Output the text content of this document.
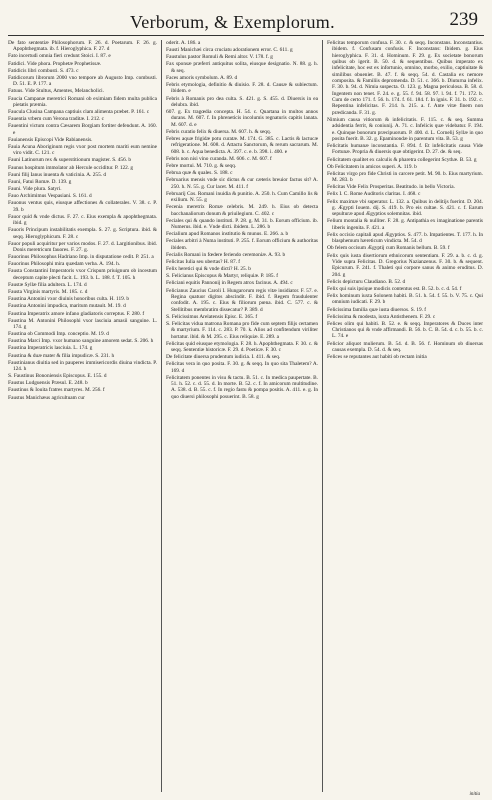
Verborum, & Exemplorum.	239

De fato sententiæ Philosophorum. F. 26. d. Poetarum. F. 26. g. Apophthegmata. ib. f. Hieroglyphica. F. 27. d

Fato incertudi omnia fieri credunt Stoici. I. 87. e

Fatidici. Vide phora. Prophetæ Prophetissæ.

Fatidicis libri combusti. S. 473. c

Fatidicorum librorum 2000 vno tempore ab Augusto Imp. combusti. D. 51. E. P. 177. a

Fatuus. Vide Stultus, Amentes, Melancholici.

Faucia Campanæ meretrici Romani ob eximiam fidem multa publica pietatis præmia.

Faucula Clusina Campana captiuis clam alimenta præbet. P. 161. c

Fauentia vrbem cum Verona traditæ. I. 212. c

Fauentini victum contra Cæsarem Borgiam fortiter defendunt. A. 160. e

Fauianensis Episcopi Vide Rabianensis.

Fauia Acuna Aboriginum regis vxor post mortem mariti eum nemine viro vidit. C. 121. c

Fauni Latinorum rex & superstitionum magister. S. 456. b

Faunus hospitum immolator ab Hercule occiditur. P. 122. g

Fauni filij Ianus inuenta & vaticinia. A. 255. d

Fauni, Fatui Romæ. D. 139. g

Fauni. Vide plura. Satyri.

Fauo Archimimus Vespasiani. S. 161. d

Fauonus ventus quis, eiusque affectiones & collaterales. V. 38. c. P. 39. b

Fauor quid & vnde dictus. F. 27. c. Eius exempla & apophthegmata. ibid. g

Fauoris Principum instabilitatis exempla. S. 27. g. Scriptura. ibid. & seqq. Hieroglyphicum. F. 28. c

Fauor populi acquiritur per varios modos. F. 27. d. Largitionibus. ibid. Donis meretricum fauores. F. 27. g.

Fauorinus Philosophus Hadriano Imp. in disputatione cedit. P. 251. a

Fauorinus Philosophi mira quædam verba. A. 194. h.

Fausta Constantini Imperatoris vxor Crispum priuignum ob incestum deceptum capite plecti facit. L. 193. b. L. 188. f. T. 105. h

Faustæ Syllæ filia adultera. L. 174. d

Fausta Virginis martyris. M. 185. c. d

Faustina Antonini vxor diuinis honoribus culta. H. 119. b

Faustina Antonini impudica, maritum mutauit. M. 19. d

Faustina Imperatrix amore infano gladiatoris correptus. F. 280. f

Faustina M. Antonini Philosophi vxor lasciuia amasii sanguine. L. 174. g

Faustina ob Commodi Imp. conceptio. M. 19. d

Faustina Marci Imp. vxor humano sanguine amorem sedat. S. 206. h

Faustina Imperatricis lasciuia. L. 174. g

Faustina & duæ mater & filia impudicæ. S. 231. h

Faustinianus diuitia sed in pauperes immisericordis diuina vindicta. P. 124. h

S. Faustinus Bononiensis Episcopus. E. 155. d

Faustus Ludguensis Præsul. E. 248. b

Faustinus & Iouita fratres martyres. M. 256. f

Faustus Manichæus agricultuam cur

oderit. A. 186. a

Fausti Manichæi circa cruciatu adorationem error. C. 611. g

Faustulus pastor Romuli & Remi altor. V. 178. f. g

Fax sponsæ præferri antiquitus solita, eiusque designatio. N. 88. g. h. & seq.

Faces amoris symbolum. A. 89. d

Febris etymologia, definitio & diuisio. F. 28. d. Causæ & subiectum. ibidem. e

Febris à Romanis pro dea culta. S. 421. g. S. 455. d. Diuersis in ea delubra. ibid.

607. g. Ex tragœdia concepta. H. 54. c. Quartana in multos annos durans. M. 607. f. In phreneticis incolumis regnaturis capitis lanata. M. 607. d. e

Febris curatio felix & diuersa. M. 607. h. & seqq.

Febres aquæ frigidæ potu curatæ. M. 174. G. 385. c. Lactis & lactucæ refrigeratione. M. 608. d. Attactu Sanctorum, & rerum sacrarum. M. 608. b. c. Aqua benedicta. A. 397. c. e. b. 398. i. 400. e

Febris non nisi vino curanda. M. 606. c. M. 607. f

Febre mortui. M. 710. g. & seqq.

Februa quæ & quales. S. 188. c

Februarius mensis vnde sic dictus & cur cæteris breuior factus sit? A. 250. h. N. 55. g. Cur lacet. M. 411. f

Februarij Cos. Romani inuidia & punitio. A. 250. h. Cum Camillo lis & exilium. N. 55. g

Fecenia meretrix Romæ celebris. M. 249. h. Eius ob detecta bacchanaliorum donum & priuilegium. C. 402. c

Feciales qui & quando instituti. P. 28. g. M. 31. b. Eorum officium. ib. Numerus. ibid. e. Vnde dicti. ibidem. L. 286. b

Fecialium apud Romanos institutio & munus. E. 266. a. b

Feciales arbitri à Numa instituti. P. 255. f. Eorum officium & authoritas ibidem.

Fecialis Romani in fœdere feriendo ceremoniæ. A. 93. b

Felicitas Iulia seu ubertas? H. 87. f

Felix heretici qui & vnde dicti? H. 25. b

S. Felicianus Episcopus & Martyr, reliquiæ. P. 185. f

Feliciani equitis Pannonij in Regem atrox facinus. A. 494. c

Felicianus Zaucius Caroli I. Hungarorum regis vitæ insidiator. F. 57. e. Regina quatuor digitos abscindit. F. ibid. f. Regem fraudulenter confodit. A. 195. c. Eius & filiorum pœna. ibid. C. 577. c. & Stellitibus membratim dissecatur? P. 389. d

S. Felicissimus Arelatensis Episc. E. 365. f

S. Felicitas vidua matrona Romana pro fide cum septem filijs certamen & martyrium. F. 114. c. 283. P. 70. k. Alios ad confitendum viriliter hortatur. ibid. & M. 295. c. Eius reliquiæ. E. 289. a

Felicitas quid eiusque etymologia. F. 28. h. Apophthegmata. F. 30. c. & seqq. Sententiæ historicæ. F. 29. d. Poeticæ. F. 30. c

De felicitate diuersa prudentum iudicia. I. 411. & seq.

Felicitas vera in quo posita. F. 30. g. & seqq. In quo sita Thaletem? A. 169. d

Felicitatem ponentes in visu & tactu. B. 51. c. In medica paupertate. B. 51. h. 52. c. d. 55. d. In morte. B. 52. c. f. In amicorum multitudine. A. 538. d. B. 55. c. f. In regio fastu & pompa positis. A. 411. e. g. In quo diuersi philosophi posuerint. B. 58. g

Felicitas temporum confusa. F. 30. c. & seqq. Inconstans. Inconstantius. ibidem. f. Confusam confusis. F. Inconstans: Ibidem. g. Eius hieroglyphica. F. 31. d. Hominum. F. 29. g. Ex societate bonorum quibus ob igerit. B. 50. d. & sequentibus. Quibus imperato ex infelicitate, hoc est ex infortunio, omnino, morbo, exilio, captiuitate & similibus obueniet. B. 47. f. & seqq. 54. d. Castalia ex nemore composita. & Familiis depromenda. D. 51. c. 366. b. Diuturna infelix. F. 30. b. 94. d. Nimia suspecta. O. 123. g. Magna periculosa. B. 58. d. Ingentem non tenet. F. 24. e. g. 55. f. 94. 58. 97. l. 94. f. 71. 172. b. Cum de certo 171. f. 56. h. 174. f. 61. 184. f. In ignis. F. 31. b. 192. c. Repentina infelicitas. F. 214. h. 215. a. f. Ante vitæ finem non prædicanda. F. 31. g.

Nimium causa vitiorum & infelicitatis. F. 115. c. & seq. Summa adsidentia ferrit, & coniunij. A. 71. c. Infelicis quæ videbatur. F. 194. e. Quinque bonorum præcipuorum. P. 400. d. L. Cornelij Syllæ in quo posita fuerit. B. 32. g. Epaminondæ in parentum vita. B. 53. g

Felicitatis humanæ inconstantia. F. 894. f. Et infelicitatis causa Vide Fortunæ. Propria & diuersis quæ obtigerint. D. 27. de. & seq.

Felicitatem qualitet ex calculis & pharetra collegerint Scythæ. B. 53. g

Ob Felicitatem in amicos superi. A. 119. b

Felicitas virgo pro fide Christi in carcere petit. M. 90. b. Eius martyrium. M. 283. b

Felicitas Vide Felix Prosperitas. Beatitudo. in bello Victoria.

Felix I. C. Rome Auditoris claritas. I. 468. c

Felix maximæ vbi superatur. L. 132. a. Quibus in delitijs fuerint. D. 204. g. Ægypti Iouem. dij. S. 419. b. Pro eis cultae. S. 421. c. f. Earum sepulturæ apud Ægyptios solemnitas. ibid.

Felium montalia & nulliter. F. 28. g. Antipathia ex imaginatione parentis liberis ingenita. F. 421. a

Felix occisio capitali apud Ægyptios. S. 477. b. Impatientes. T. 177. h. In blasphemum hæreticum vindicta. M. 54. d

Ob felem occisum Ægyptij cum Romanis bellum. B. 59. f

Felix quis iusta disertiorum ethnicorum sententiam. F. 29. a. b. c. d. g. Vide supra Felicitas. D. Gregorius Nazianzenus. F. 30. b. & sequent. Epicurum. F. 241. f. Thaleti qui corpore sanus & animo eruditus. D. 204. g

Felicis depicturu Claudiano. B. 52. d

Felix qui suis ipsique modicis contentus est. B. 52. b. c. d. 54. f

Felix hominum iuxta Solonem habiti. B. 51. h. 54. f. 55. b. V. 75. c. Qui omnium iudicati. F. 29. b

Felicissima familia quæ iusta diuersos. S. 19. f

Felicissima & modesta, iuxta Antisthenem. F. 29. c

Felices olim qui habiti. B. 52. e. & seqq. Imperatores & Duces inter Christianos qui & vnde affirmandi. B. 56. b. C. B. 54. d. c. b. 55. b. c. L. 74. e

Felicior aliquot mulierum. B. 54. d. B. 56. f. Hominum ob diuersas causas exempla. D. 54. d. & seq.

Felices se reputantes aut habiti ob rectam initia

initia
